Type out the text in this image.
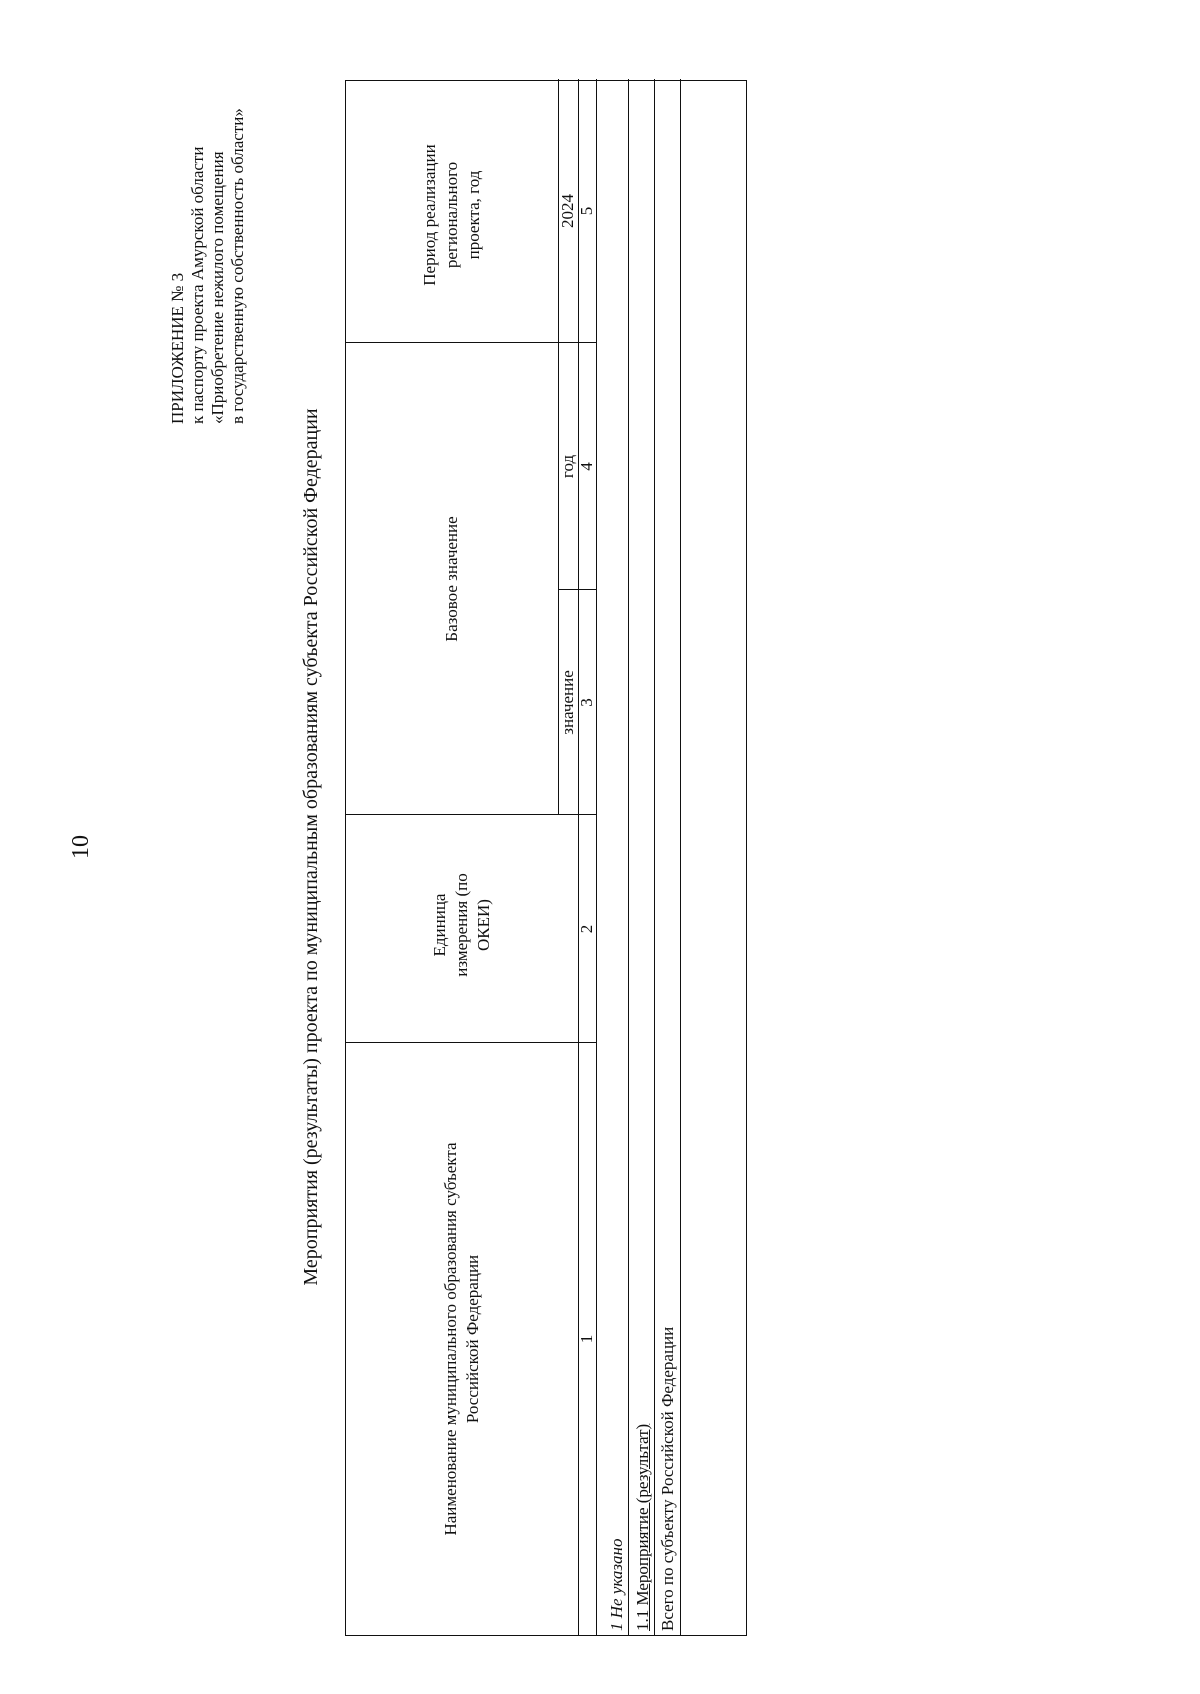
10
ПРИЛОЖЕНИЕ № 3 к паспорту проекта Амурской области «Приобретение нежилого помещения в государственную собственность области»
Мероприятия (результаты) проекта по муниципальным образованиям субъекта Российской Федерации
Наименование муниципального образования субъекта Российской Федерации
Единица измерения (по ОКЕИ)
Базовое значение
значение
год
Период реализации регионального проекта, год	2024
1
2
3
4
5
1 Не указано 1.1 Мероприятие (результат) Всего по субъекту Российской Федерации
